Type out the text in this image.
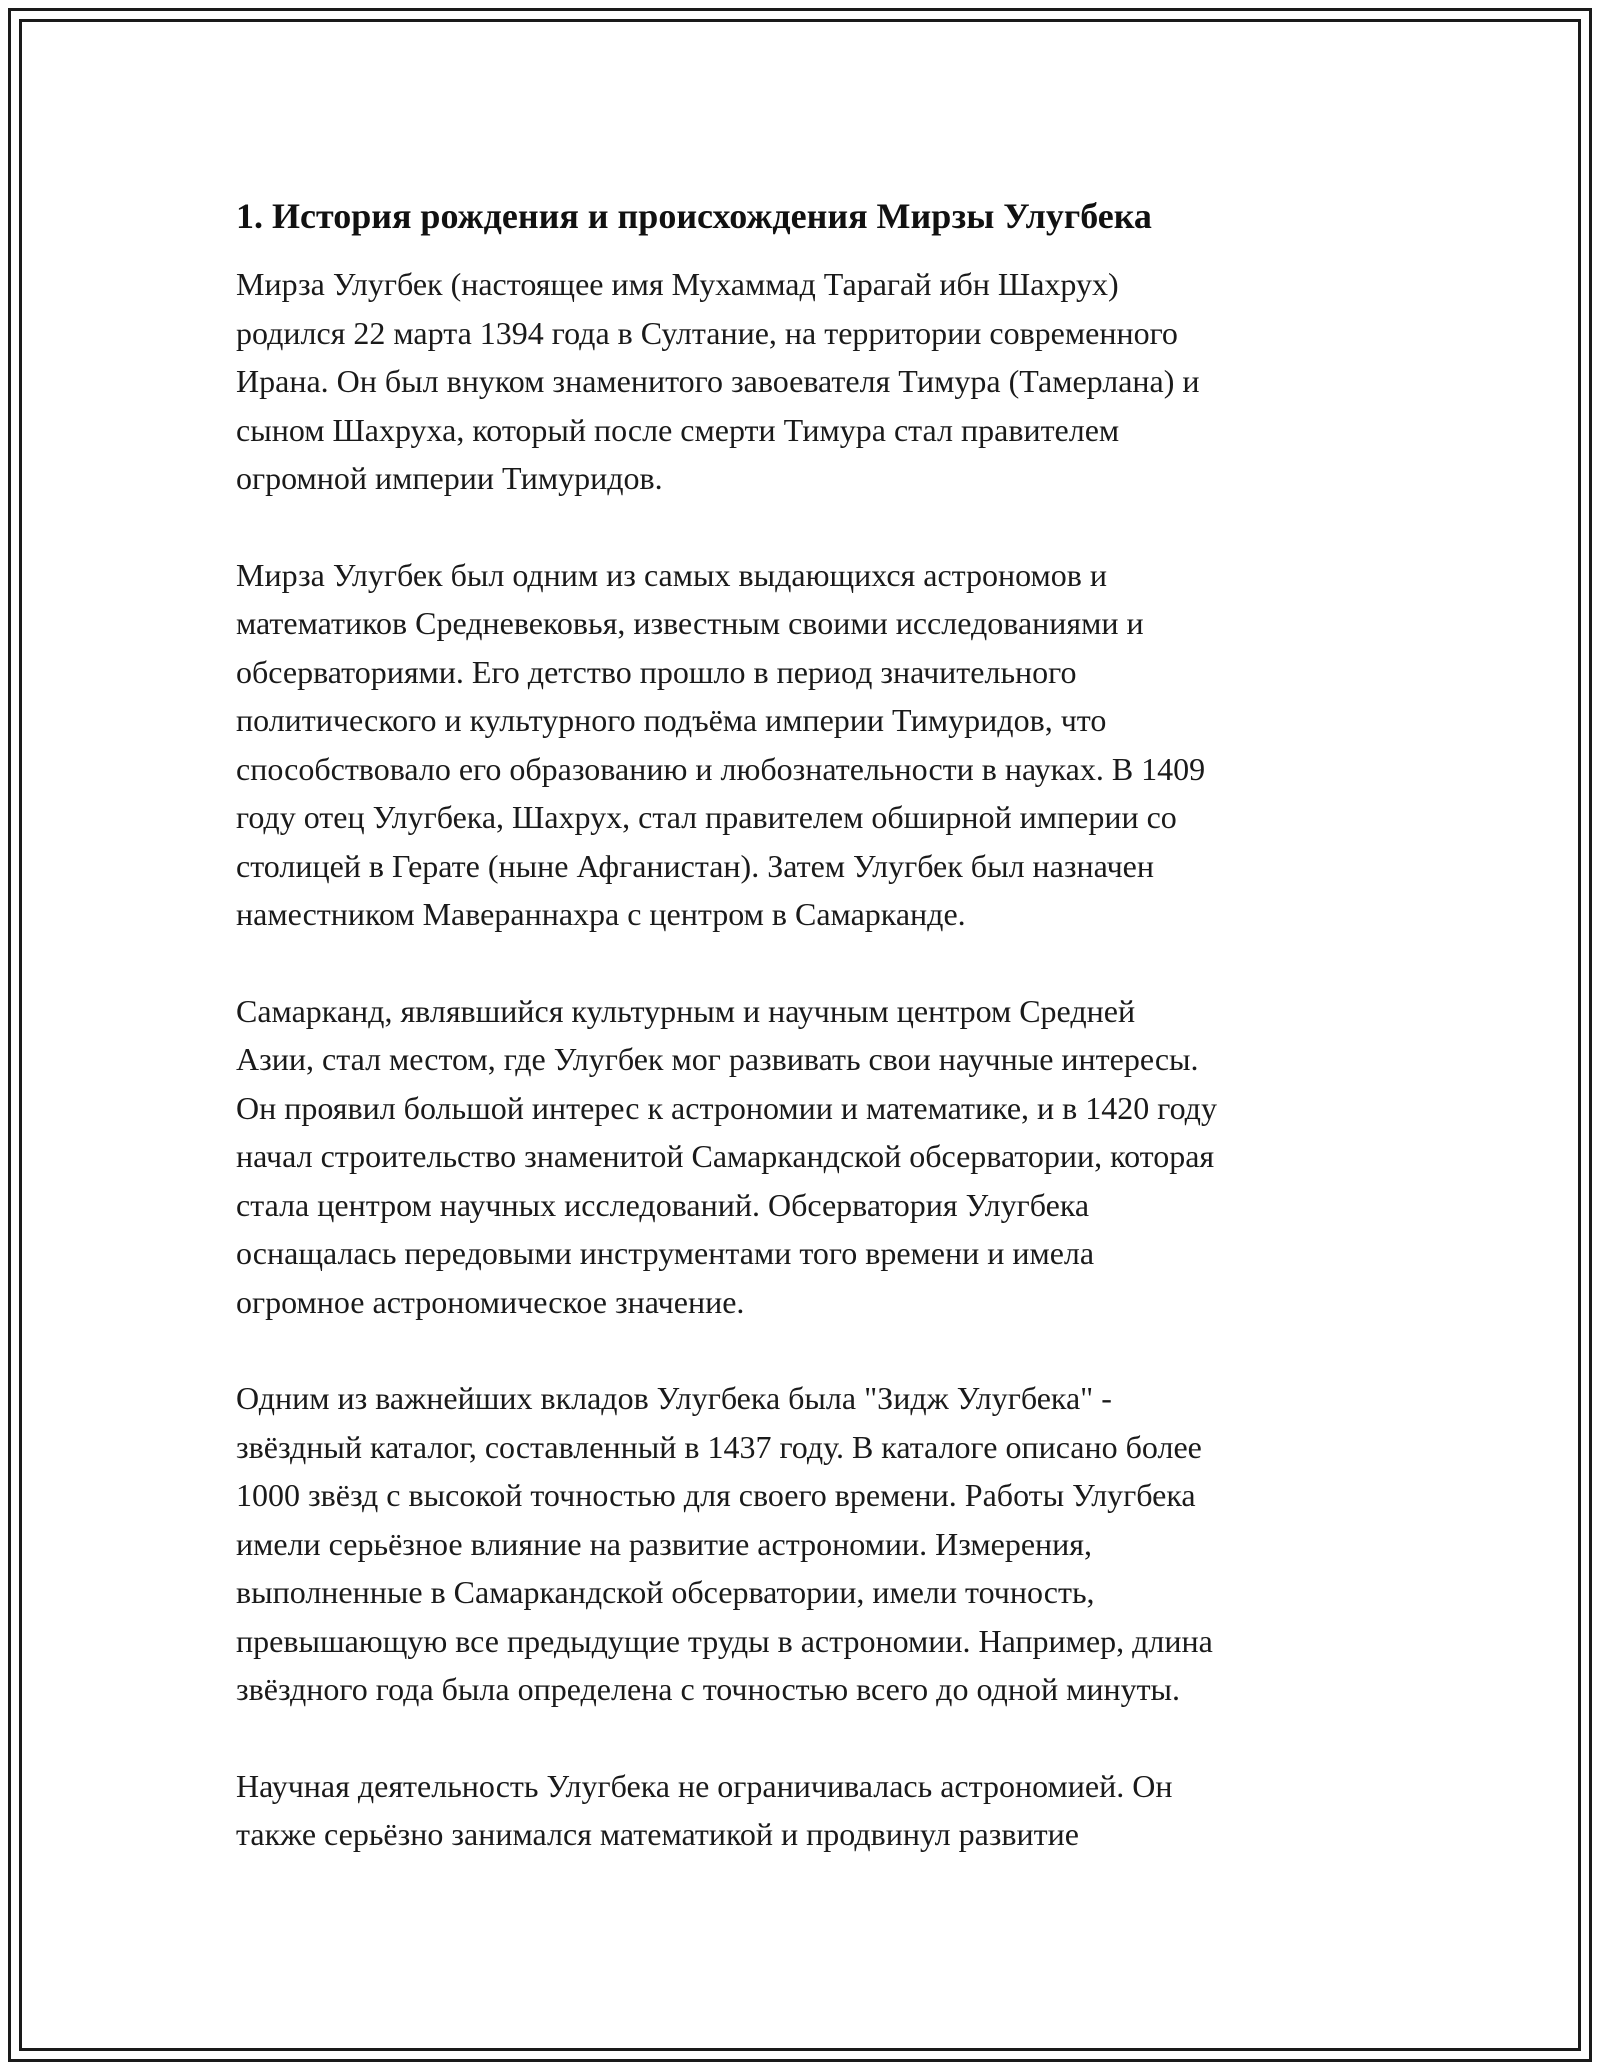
1. История рождения и происхождения Мирзы Улугбека
Мирза Улугбек (настоящее имя Мухаммад Тарагай ибн Шахрух)
родился 22 марта 1394 года в Султание, на территории современного
Ирана. Он был внуком знаменитого завоевателя Тимура (Тамерлана) и
сыном Шахруха, который после смерти Тимура стал правителем
огромной империи Тимуридов.
Мирза Улугбек был одним из самых выдающихся астрономов и
математиков Средневековья, известным своими исследованиями и
обсерваториями. Его детство прошло в период значительного
политического и культурного подъёма империи Тимуридов, что
способствовало его образованию и любознательности в науках. В 1409
году отец Улугбека, Шахрух, стал правителем обширной империи со
столицей в Герате (ныне Афганистан). Затем Улугбек был назначен
наместником Мавераннахра с центром в Самарканде.
Самарканд, являвшийся культурным и научным центром Средней
Азии, стал местом, где Улугбек мог развивать свои научные интересы.
Он проявил большой интерес к астрономии и математике, и в 1420 году
начал строительство знаменитой Самаркандской обсерватории, которая
стала центром научных исследований. Обсерватория Улугбека
оснащалась передовыми инструментами того времени и имела
огромное астрономическое значение.
Одним из важнейших вкладов Улугбека была "Зидж Улугбека" -
звёздный каталог, составленный в 1437 году. В каталоге описано более
1000 звёзд с высокой точностью для своего времени. Работы Улугбека
имели серьёзное влияние на развитие астрономии. Измерения,
выполненные в Самаркандской обсерватории, имели точность,
превышающую все предыдущие труды в астрономии. Например, длина
звёздного года была определена с точностью всего до одной минуты.
Научная деятельность Улугбека не ограничивалась астрономией. Он
также серьёзно занимался математикой и продвинул развитие
